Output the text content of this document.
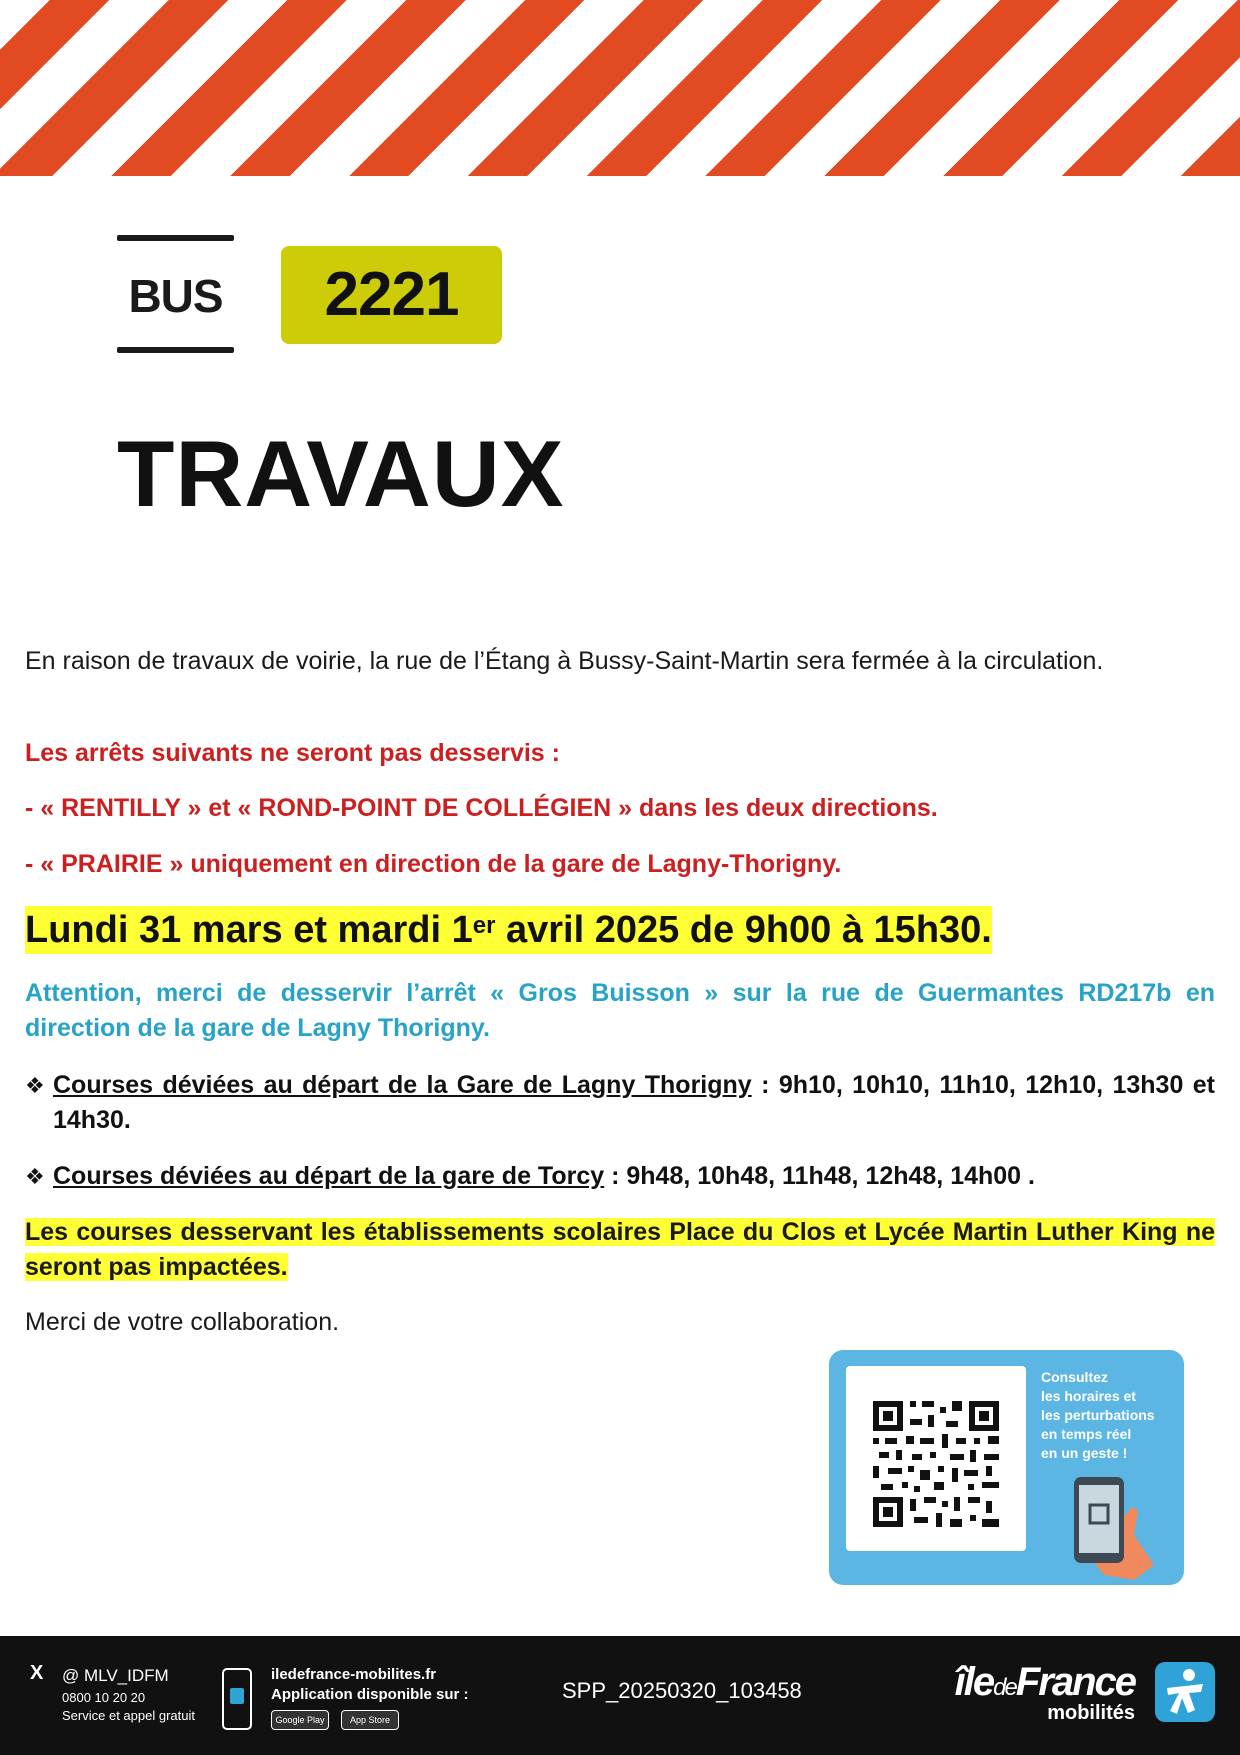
BUS	2221
TRAVAUX
En raison de travaux de voirie, la rue de l’Étang à Bussy-Saint-Martin sera fermée à la circulation.
Les arrêts suivants ne seront pas desservis :
- « RENTILLY » et « ROND-POINT DE COLLÉGIEN » dans les deux directions.
- « PRAIRIE » uniquement en direction de la gare de Lagny-Thorigny.
Lundi 31 mars et mardi 1er avril 2025 de 9h00 à 15h30.
Attention, merci de desservir l’arrêt « Gros Buisson » sur la rue de Guermantes RD217b en direction de la gare de Lagny Thorigny.
❖ Courses déviées au départ de la Gare de Lagny Thorigny : 9h10, 10h10, 11h10, 12h10, 13h30 et 14h30.
❖ Courses déviées au départ de la gare de Torcy : 9h48, 10h48, 11h48, 12h48, 14h00 .
Les courses desservant les établissements scolaires Place du Clos et Lycée Martin Luther King ne seront pas impactées.
Merci de votre collaboration.
Consultez
les horaires et
les perturbations
en temps réel
en un geste !
X @ MLV_IDFM
0800 10 20 20
Service et appel gratuit
iledefrance-mobilites.fr
Application disponible sur :
Google Play	App Store
SPP_20250320_103458	îledeFrance
mobilités
